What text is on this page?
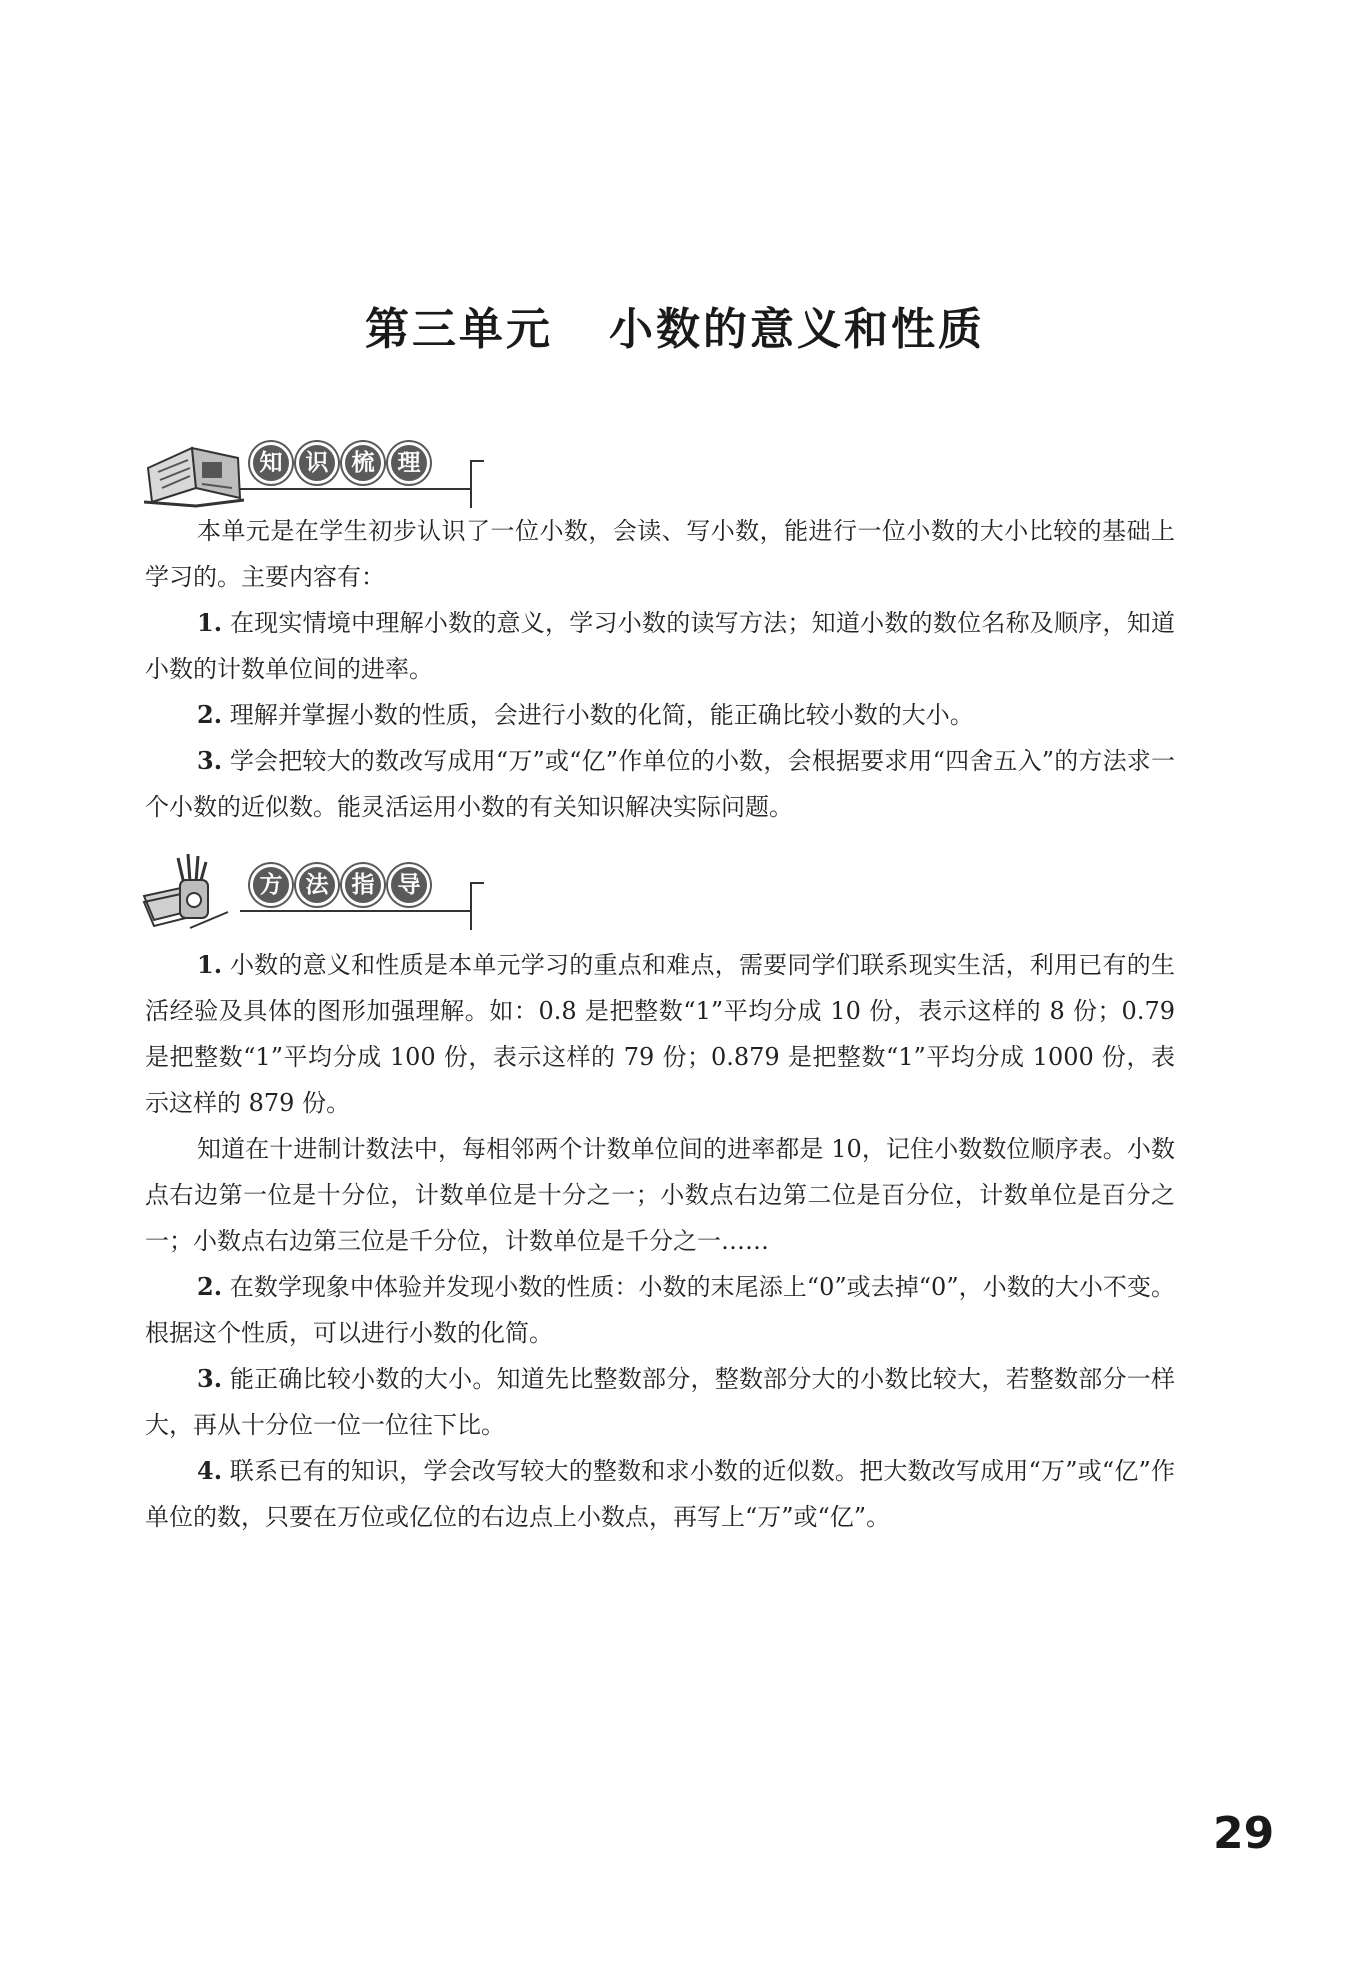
第三单元 小数的意义和性质
知	识	梳	理

本单元是在学生初步认识了一位小数，会读、写小数，能进行一位小数的大小比较的基础上学习的。主要内容有：

1. 在现实情境中理解小数的意义，学习小数的读写方法；知道小数的数位名称及顺序，知道小数的计数单位间的进率。

2. 理解并掌握小数的性质，会进行小数的化简，能正确比较小数的大小。

3. 学会把较大的数改写成用“万”或“亿”作单位的小数，会根据要求用“四舍五入”的方法求一个小数的近似数。能灵活运用小数的有关知识解决实际问题。

方	法	指	导

1. 小数的意义和性质是本单元学习的重点和难点，需要同学们联系现实生活，利用已有的生活经验及具体的图形加强理解。如：0.8 是把整数“1”平均分成 10 份，表示这样的 8 份；0.79 是把整数“1”平均分成 100 份，表示这样的 79 份；0.879 是把整数“1”平均分成 1000 份，表示这样的 879 份。

知道在十进制计数法中，每相邻两个计数单位间的进率都是 10，记住小数数位顺序表。小数点右边第一位是十分位，计数单位是十分之一；小数点右边第二位是百分位，计数单位是百分之一；小数点右边第三位是千分位，计数单位是千分之一……

2. 在数学现象中体验并发现小数的性质：小数的末尾添上“0”或去掉“0”，小数的大小不变。根据这个性质，可以进行小数的化简。

3. 能正确比较小数的大小。知道先比整数部分，整数部分大的小数比较大，若整数部分一样大，再从十分位一位一位往下比。

4. 联系已有的知识，学会改写较大的整数和求小数的近似数。把大数改写成用“万”或“亿”作单位的数，只要在万位或亿位的右边点上小数点，再写上“万”或“亿”。

29
